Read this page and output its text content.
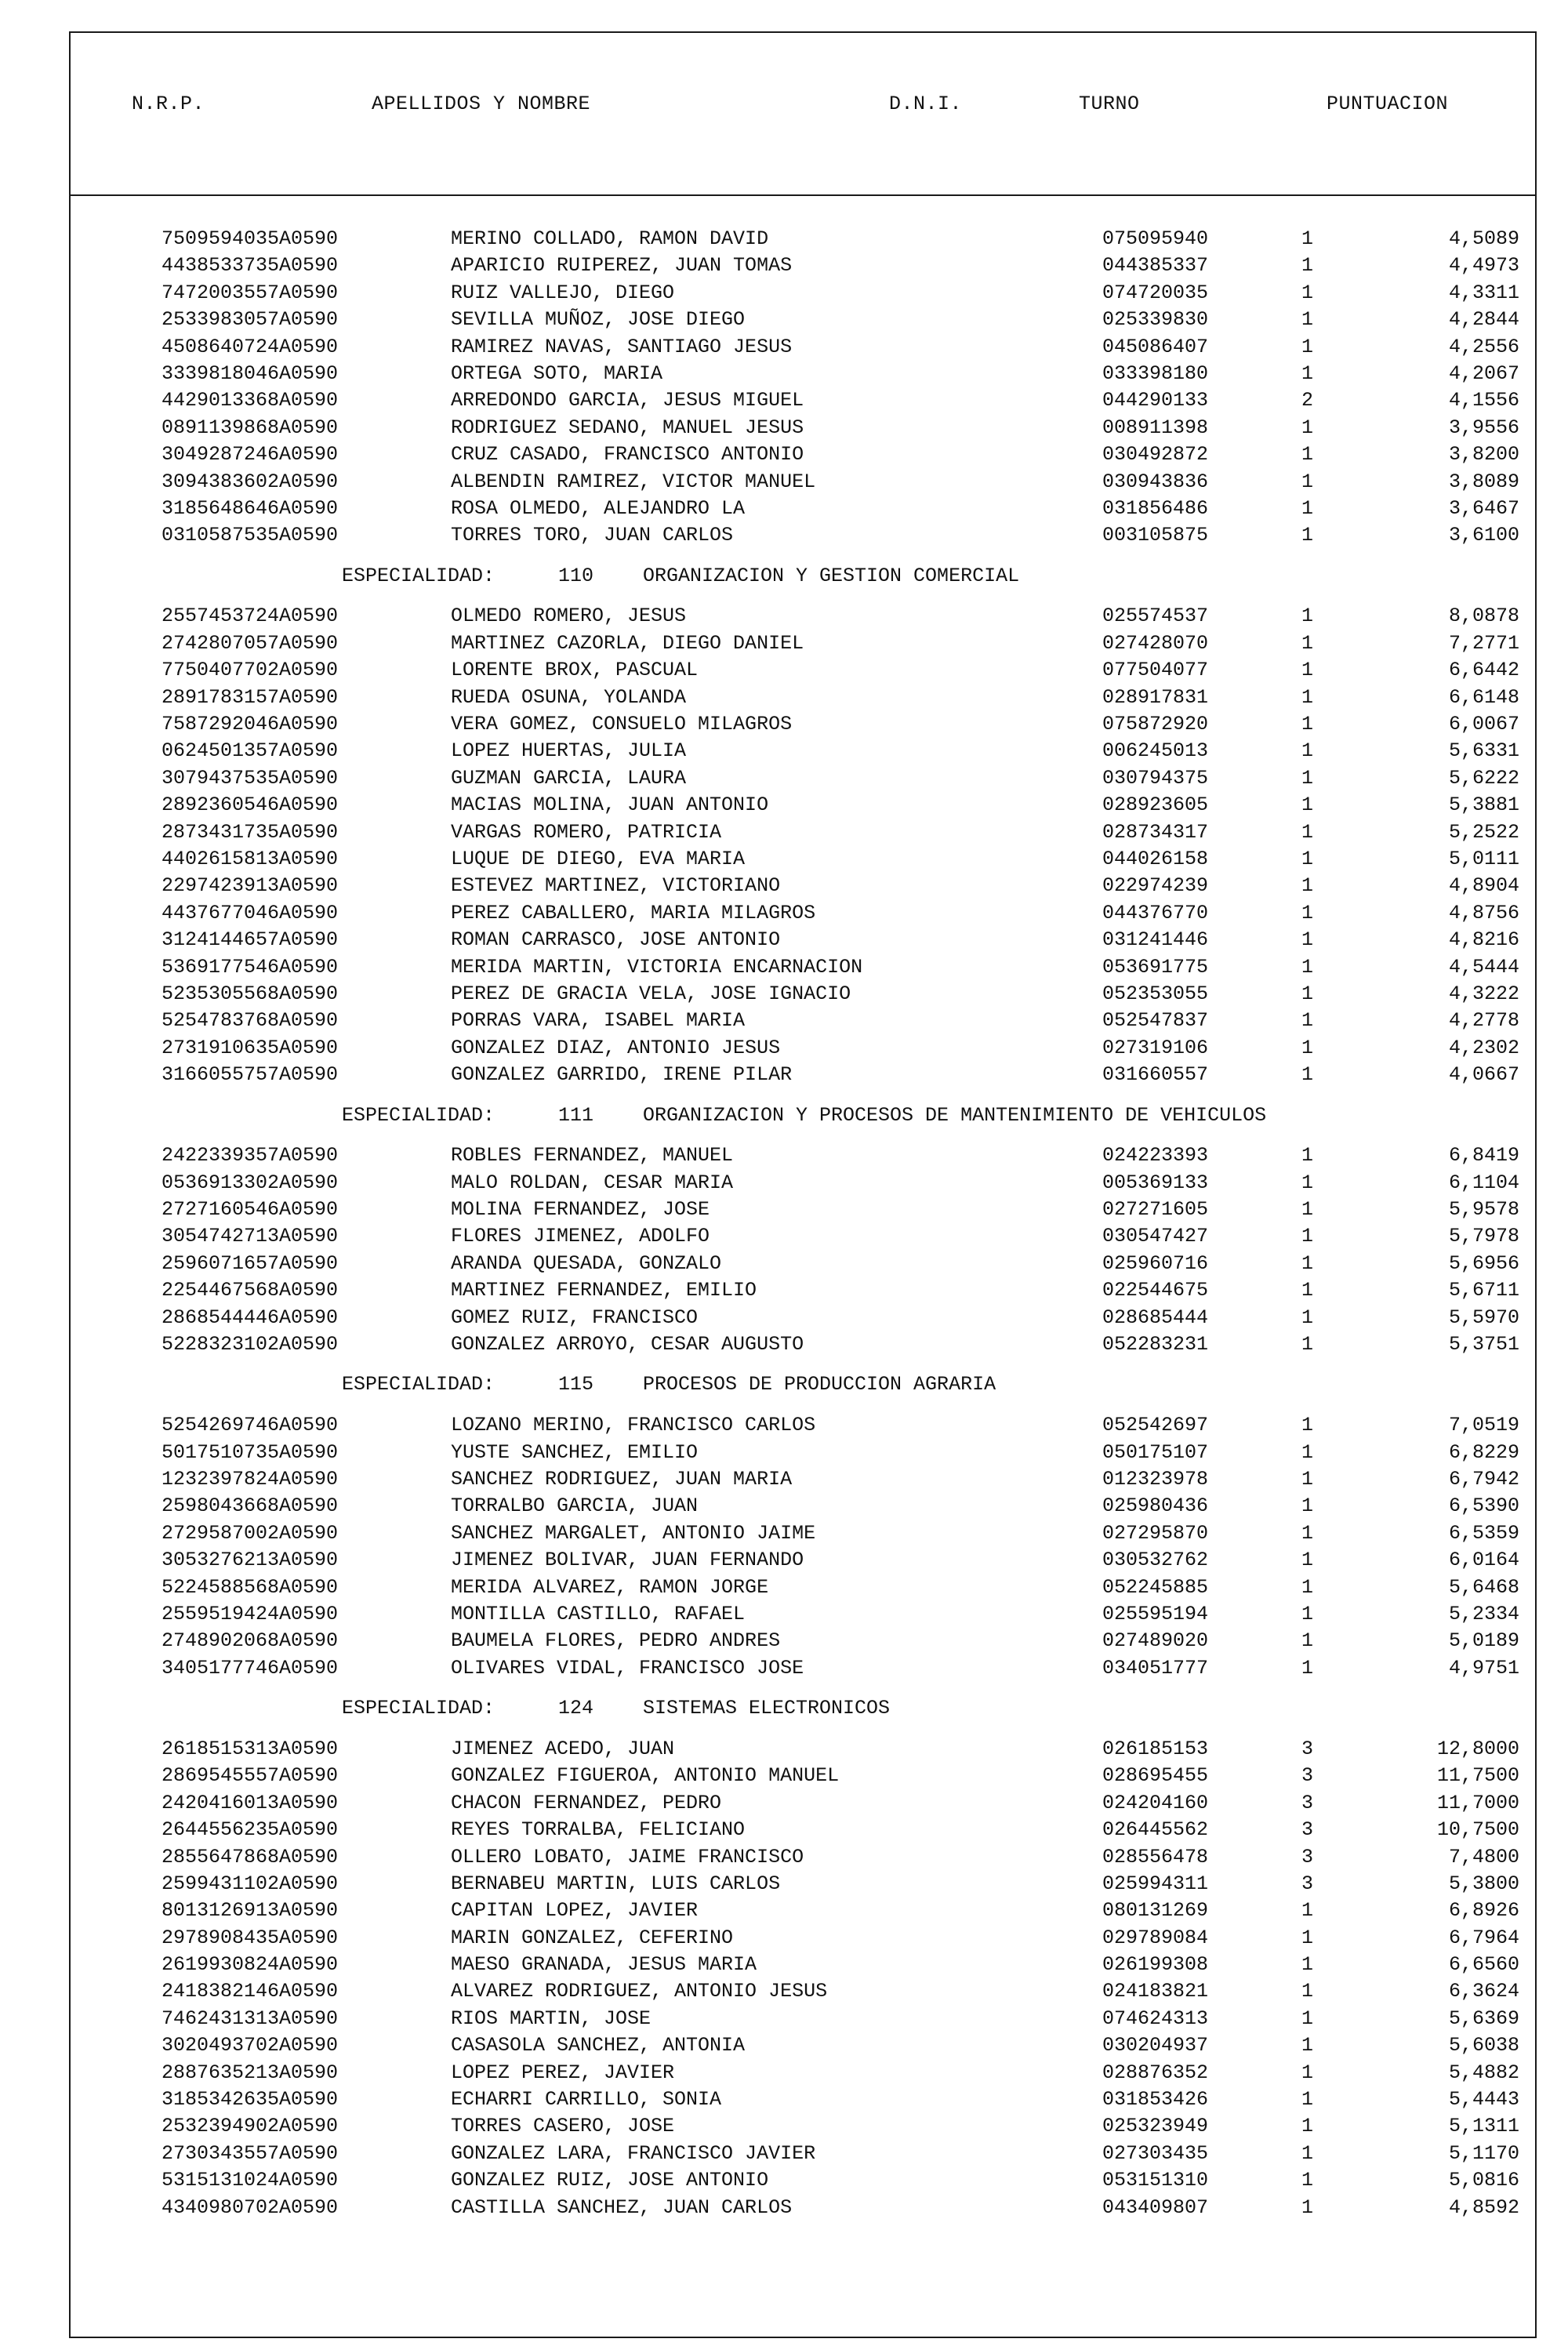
N.R.P.	APELLIDOS Y NOMBRE	D.N.I.	TURNO	PUNTUACION
7509594035A0590	MERINO COLLADO, RAMON DAVID	075095940	1	4,5089
4438533735A0590	APARICIO RUIPEREZ, JUAN TOMAS	044385337	1	4,4973
7472003557A0590	RUIZ VALLEJO, DIEGO	074720035	1	4,3311
2533983057A0590	SEVILLA MUÑOZ, JOSE DIEGO	025339830	1	4,2844
4508640724A0590	RAMIREZ NAVAS, SANTIAGO JESUS	045086407	1	4,2556
3339818046A0590	ORTEGA SOTO, MARIA	033398180	1	4,2067
4429013368A0590	ARREDONDO GARCIA, JESUS MIGUEL	044290133	2	4,1556
0891139868A0590	RODRIGUEZ SEDANO, MANUEL JESUS	008911398	1	3,9556
3049287246A0590	CRUZ CASADO, FRANCISCO ANTONIO	030492872	1	3,8200
3094383602A0590	ALBENDIN RAMIREZ, VICTOR MANUEL	030943836	1	3,8089
3185648646A0590	ROSA OLMEDO, ALEJANDRO LA	031856486	1	3,6467
0310587535A0590	TORRES TORO, JUAN CARLOS	003105875	1	3,6100
ESPECIALIDAD:	110	ORGANIZACION Y GESTION COMERCIAL
2557453724A0590	OLMEDO ROMERO, JESUS	025574537	1	8,0878
2742807057A0590	MARTINEZ CAZORLA, DIEGO DANIEL	027428070	1	7,2771
7750407702A0590	LORENTE BROX, PASCUAL	077504077	1	6,6442
2891783157A0590	RUEDA OSUNA, YOLANDA	028917831	1	6,6148
7587292046A0590	VERA GOMEZ, CONSUELO MILAGROS	075872920	1	6,0067
0624501357A0590	LOPEZ HUERTAS, JULIA	006245013	1	5,6331
3079437535A0590	GUZMAN GARCIA, LAURA	030794375	1	5,6222
2892360546A0590	MACIAS MOLINA, JUAN ANTONIO	028923605	1	5,3881
2873431735A0590	VARGAS ROMERO, PATRICIA	028734317	1	5,2522
4402615813A0590	LUQUE DE DIEGO, EVA MARIA	044026158	1	5,0111
2297423913A0590	ESTEVEZ MARTINEZ, VICTORIANO	022974239	1	4,8904
4437677046A0590	PEREZ CABALLERO, MARIA MILAGROS	044376770	1	4,8756
3124144657A0590	ROMAN CARRASCO, JOSE ANTONIO	031241446	1	4,8216
5369177546A0590	MERIDA MARTIN, VICTORIA ENCARNACION	053691775	1	4,5444
5235305568A0590	PEREZ DE GRACIA VELA, JOSE IGNACIO	052353055	1	4,3222
5254783768A0590	PORRAS VARA, ISABEL MARIA	052547837	1	4,2778
2731910635A0590	GONZALEZ DIAZ, ANTONIO JESUS	027319106	1	4,2302
3166055757A0590	GONZALEZ GARRIDO, IRENE PILAR	031660557	1	4,0667
ESPECIALIDAD:	111	ORGANIZACION Y PROCESOS DE MANTENIMIENTO DE VEHICULOS
2422339357A0590	ROBLES FERNANDEZ, MANUEL	024223393	1	6,8419
0536913302A0590	MALO ROLDAN, CESAR MARIA	005369133	1	6,1104
2727160546A0590	MOLINA FERNANDEZ, JOSE	027271605	1	5,9578
3054742713A0590	FLORES JIMENEZ, ADOLFO	030547427	1	5,7978
2596071657A0590	ARANDA QUESADA, GONZALO	025960716	1	5,6956
2254467568A0590	MARTINEZ FERNANDEZ, EMILIO	022544675	1	5,6711
2868544446A0590	GOMEZ RUIZ, FRANCISCO	028685444	1	5,5970
5228323102A0590	GONZALEZ ARROYO, CESAR AUGUSTO	052283231	1	5,3751
ESPECIALIDAD:	115	PROCESOS DE PRODUCCION AGRARIA
5254269746A0590	LOZANO MERINO, FRANCISCO CARLOS	052542697	1	7,0519
5017510735A0590	YUSTE SANCHEZ, EMILIO	050175107	1	6,8229
1232397824A0590	SANCHEZ RODRIGUEZ, JUAN MARIA	012323978	1	6,7942
2598043668A0590	TORRALBO GARCIA, JUAN	025980436	1	6,5390
2729587002A0590	SANCHEZ MARGALET, ANTONIO JAIME	027295870	1	6,5359
3053276213A0590	JIMENEZ BOLIVAR, JUAN FERNANDO	030532762	1	6,0164
5224588568A0590	MERIDA ALVAREZ, RAMON JORGE	052245885	1	5,6468
2559519424A0590	MONTILLA CASTILLO, RAFAEL	025595194	1	5,2334
2748902068A0590	BAUMELA FLORES, PEDRO ANDRES	027489020	1	5,0189
3405177746A0590	OLIVARES VIDAL, FRANCISCO JOSE	034051777	1	4,9751
ESPECIALIDAD:	124	SISTEMAS ELECTRONICOS
2618515313A0590	JIMENEZ ACEDO, JUAN	026185153	3	12,8000
2869545557A0590	GONZALEZ FIGUEROA, ANTONIO MANUEL	028695455	3	11,7500
2420416013A0590	CHACON FERNANDEZ, PEDRO	024204160	3	11,7000
2644556235A0590	REYES TORRALBA, FELICIANO	026445562	3	10,7500
2855647868A0590	OLLERO LOBATO, JAIME FRANCISCO	028556478	3	7,4800
2599431102A0590	BERNABEU MARTIN, LUIS CARLOS	025994311	3	5,3800
8013126913A0590	CAPITAN LOPEZ, JAVIER	080131269	1	6,8926
2978908435A0590	MARIN GONZALEZ, CEFERINO	029789084	1	6,7964
2619930824A0590	MAESO GRANADA, JESUS MARIA	026199308	1	6,6560
2418382146A0590	ALVAREZ RODRIGUEZ, ANTONIO JESUS	024183821	1	6,3624
7462431313A0590	RIOS MARTIN, JOSE	074624313	1	5,6369
3020493702A0590	CASASOLA SANCHEZ, ANTONIA	030204937	1	5,6038
2887635213A0590	LOPEZ PEREZ, JAVIER	028876352	1	5,4882
3185342635A0590	ECHARRI CARRILLO, SONIA	031853426	1	5,4443
2532394902A0590	TORRES CASERO, JOSE	025323949	1	5,1311
2730343557A0590	GONZALEZ LARA, FRANCISCO JAVIER	027303435	1	5,1170
5315131024A0590	GONZALEZ RUIZ, JOSE ANTONIO	053151310	1	5,0816
4340980702A0590	CASTILLA SANCHEZ, JUAN CARLOS	043409807	1	4,8592
